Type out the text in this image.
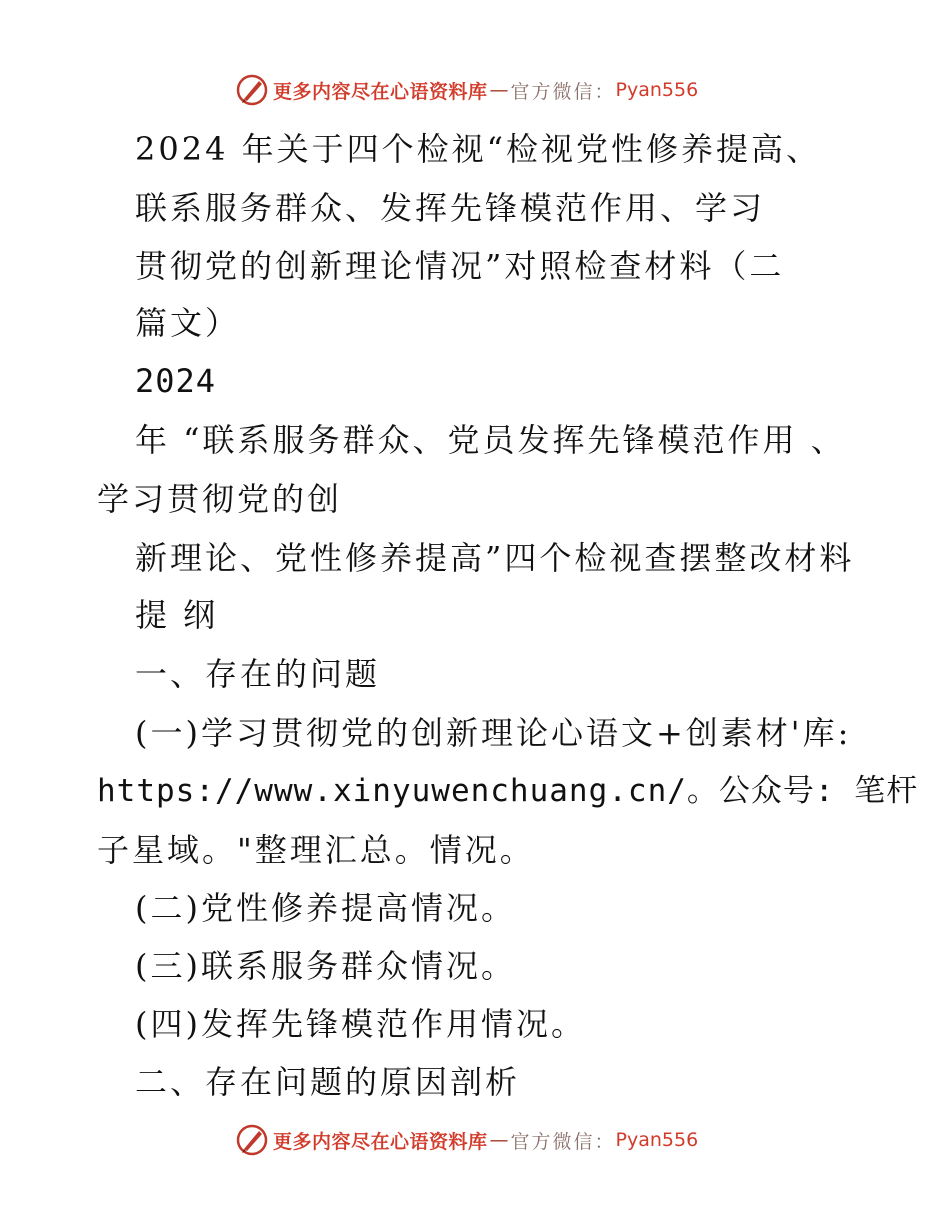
更多内容尽在心语资料库 — 官方微信： Pyan556
2024 年关于四个检视“检视党性修养提高、
联系服务群众、发挥先锋模范作用、学习
贯彻党的创新理论情况”对照检查材料（二
篇文）
2024
年 “联系服务群众、党员发挥先锋模范作用 、
学习贯彻党的创
新理论、党性修养提高”四个检视查摆整改材料
提 纲
一、存在的问题
(一)学习贯彻党的创新理论心语文+创素材'库:
https://www.xinyuwenchuang.cn/。公众号: 笔杆
子星域。"整理汇总。情况。
(二)党性修养提高情况。
(三)联系服务群众情况。
(四)发挥先锋模范作用情况。
二、存在问题的原因剖析
更多内容尽在心语资料库 — 官方微信： Pyan556
